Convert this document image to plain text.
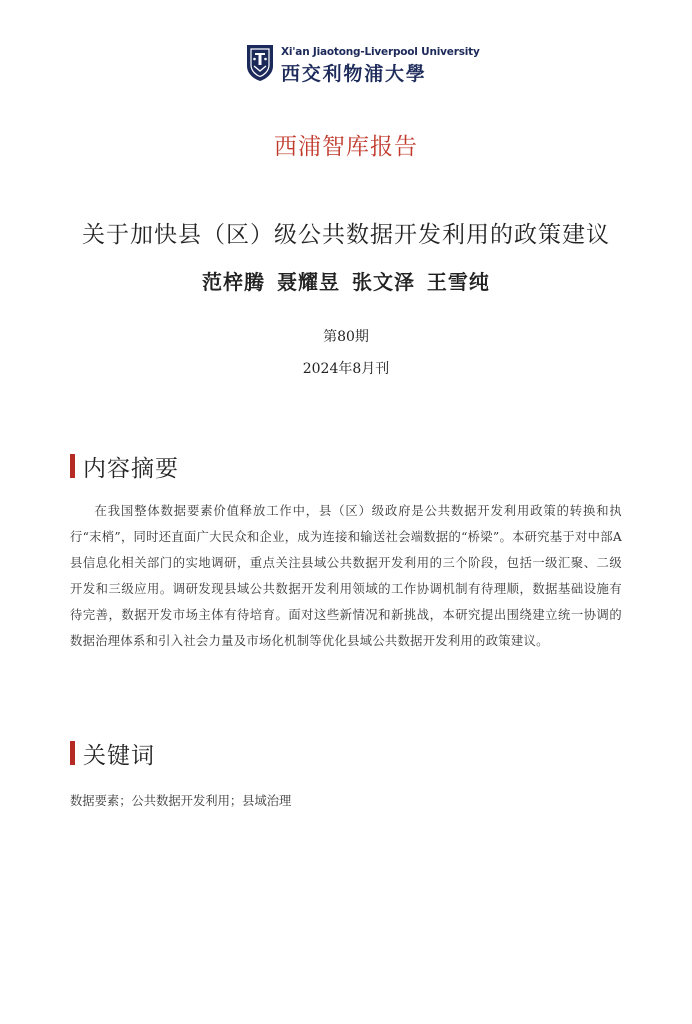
Xi'an Jiaotong-Liverpool University
西交利物浦大學
西浦智库报告
关于加快县（区）级公共数据开发利用的政策建议
范梓腾 聂耀昱 张文泽 王雪纯
第80期
2024年8月刊
内容摘要

在我国整体数据要素价值释放工作中，县（区）级政府是公共数据开发利用政策的转换和执行“末梢”，同时还直面广大民众和企业，成为连接和输送社会端数据的“桥梁”。本研究基于对中部A县信息化相关部门的实地调研，重点关注县域公共数据开发利用的三个阶段，包括一级汇聚、二级开发和三级应用。调研发现县域公共数据开发利用领域的工作协调机制有待理顺，数据基础设施有待完善，数据开发市场主体有待培育。面对这些新情况和新挑战，本研究提出围绕建立统一协调的数据治理体系和引入社会力量及市场化机制等优化县域公共数据开发利用的政策建议。

关键词
数据要素；公共数据开发利用；县域治理
